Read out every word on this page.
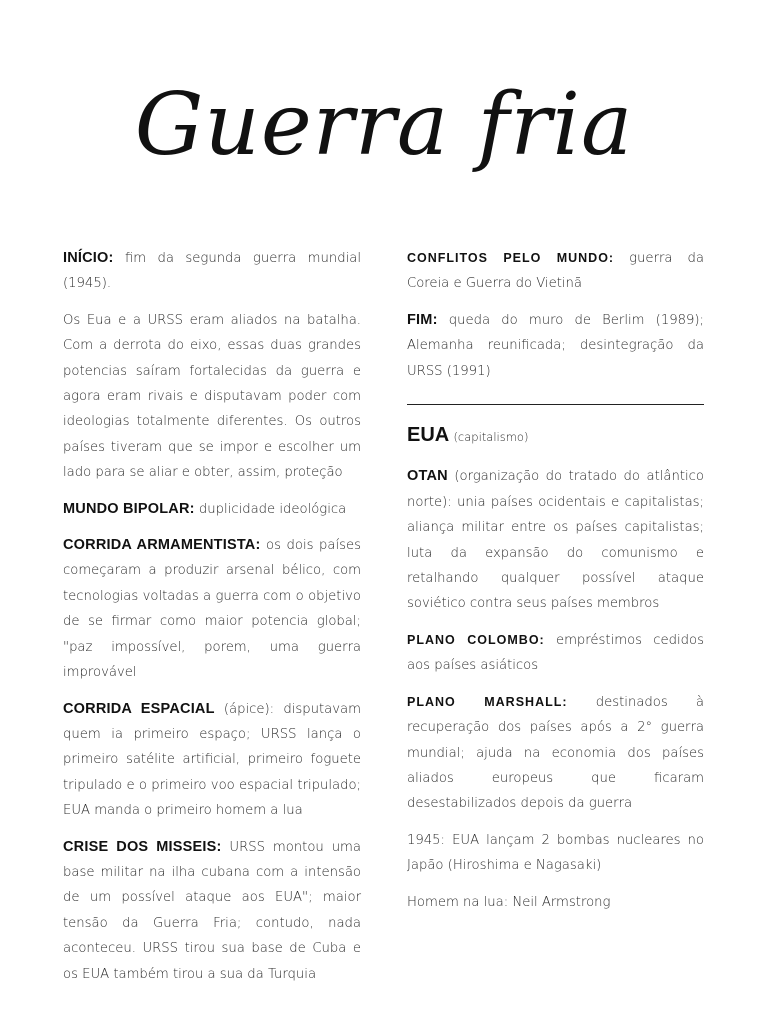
Guerra fria

INÍCIO: fim da segunda guerra mundial (1945).

Os Eua e a URSS eram aliados na batalha. Com a derrota do eixo, essas duas grandes potencias saíram fortalecidas da guerra e agora eram rivais e disputavam poder com ideologias totalmente diferentes. Os outros países tiveram que se impor e escolher um lado para se aliar e obter, assim, proteção

MUNDO BIPOLAR: duplicidade ideológica

CORRIDA ARMAMENTISTA: os dois países começaram a produzir arsenal bélico, com tecnologias voltadas a guerra com o objetivo de se firmar como maior potencia global; "paz impossível, porem, uma guerra improvável

CORRIDA ESPACIAL (ápice): disputavam quem ia primeiro espaço; URSS lança o primeiro satélite artificial, primeiro foguete tripulado e o primeiro voo espacial tripulado; EUA manda o primeiro homem a lua

CRISE DOS MISSEIS: URSS montou uma base militar na ilha cubana com a intensão de um possível ataque aos EUA"; maior tensão da Guerra Fria; contudo, nada aconteceu. URSS tirou sua base de Cuba e os EUA também tirou a sua da Turquia

CONFLITOS PELO MUNDO: guerra da Coreia e Guerra do Vietinã

FIM: queda do muro de Berlim (1989); Alemanha reunificada; desintegração da URSS (1991)

EUA (capitalismo)

OTAN (organização do tratado do atlântico norte): unia países ocidentais e capitalistas; aliança militar entre os países capitalistas; luta da expansão do comunismo e retalhando qualquer possível ataque soviético contra seus países membros

PLANO COLOMBO: empréstimos cedidos aos países asiáticos

PLANO MARSHALL: destinados à recuperação dos países após a 2° guerra mundial; ajuda na economia dos países aliados europeus que ficaram desestabilizados depois da guerra

1945: EUA lançam 2 bombas nucleares no Japão (Hiroshima e Nagasaki)

Homem na lua: Neil Armstrong
